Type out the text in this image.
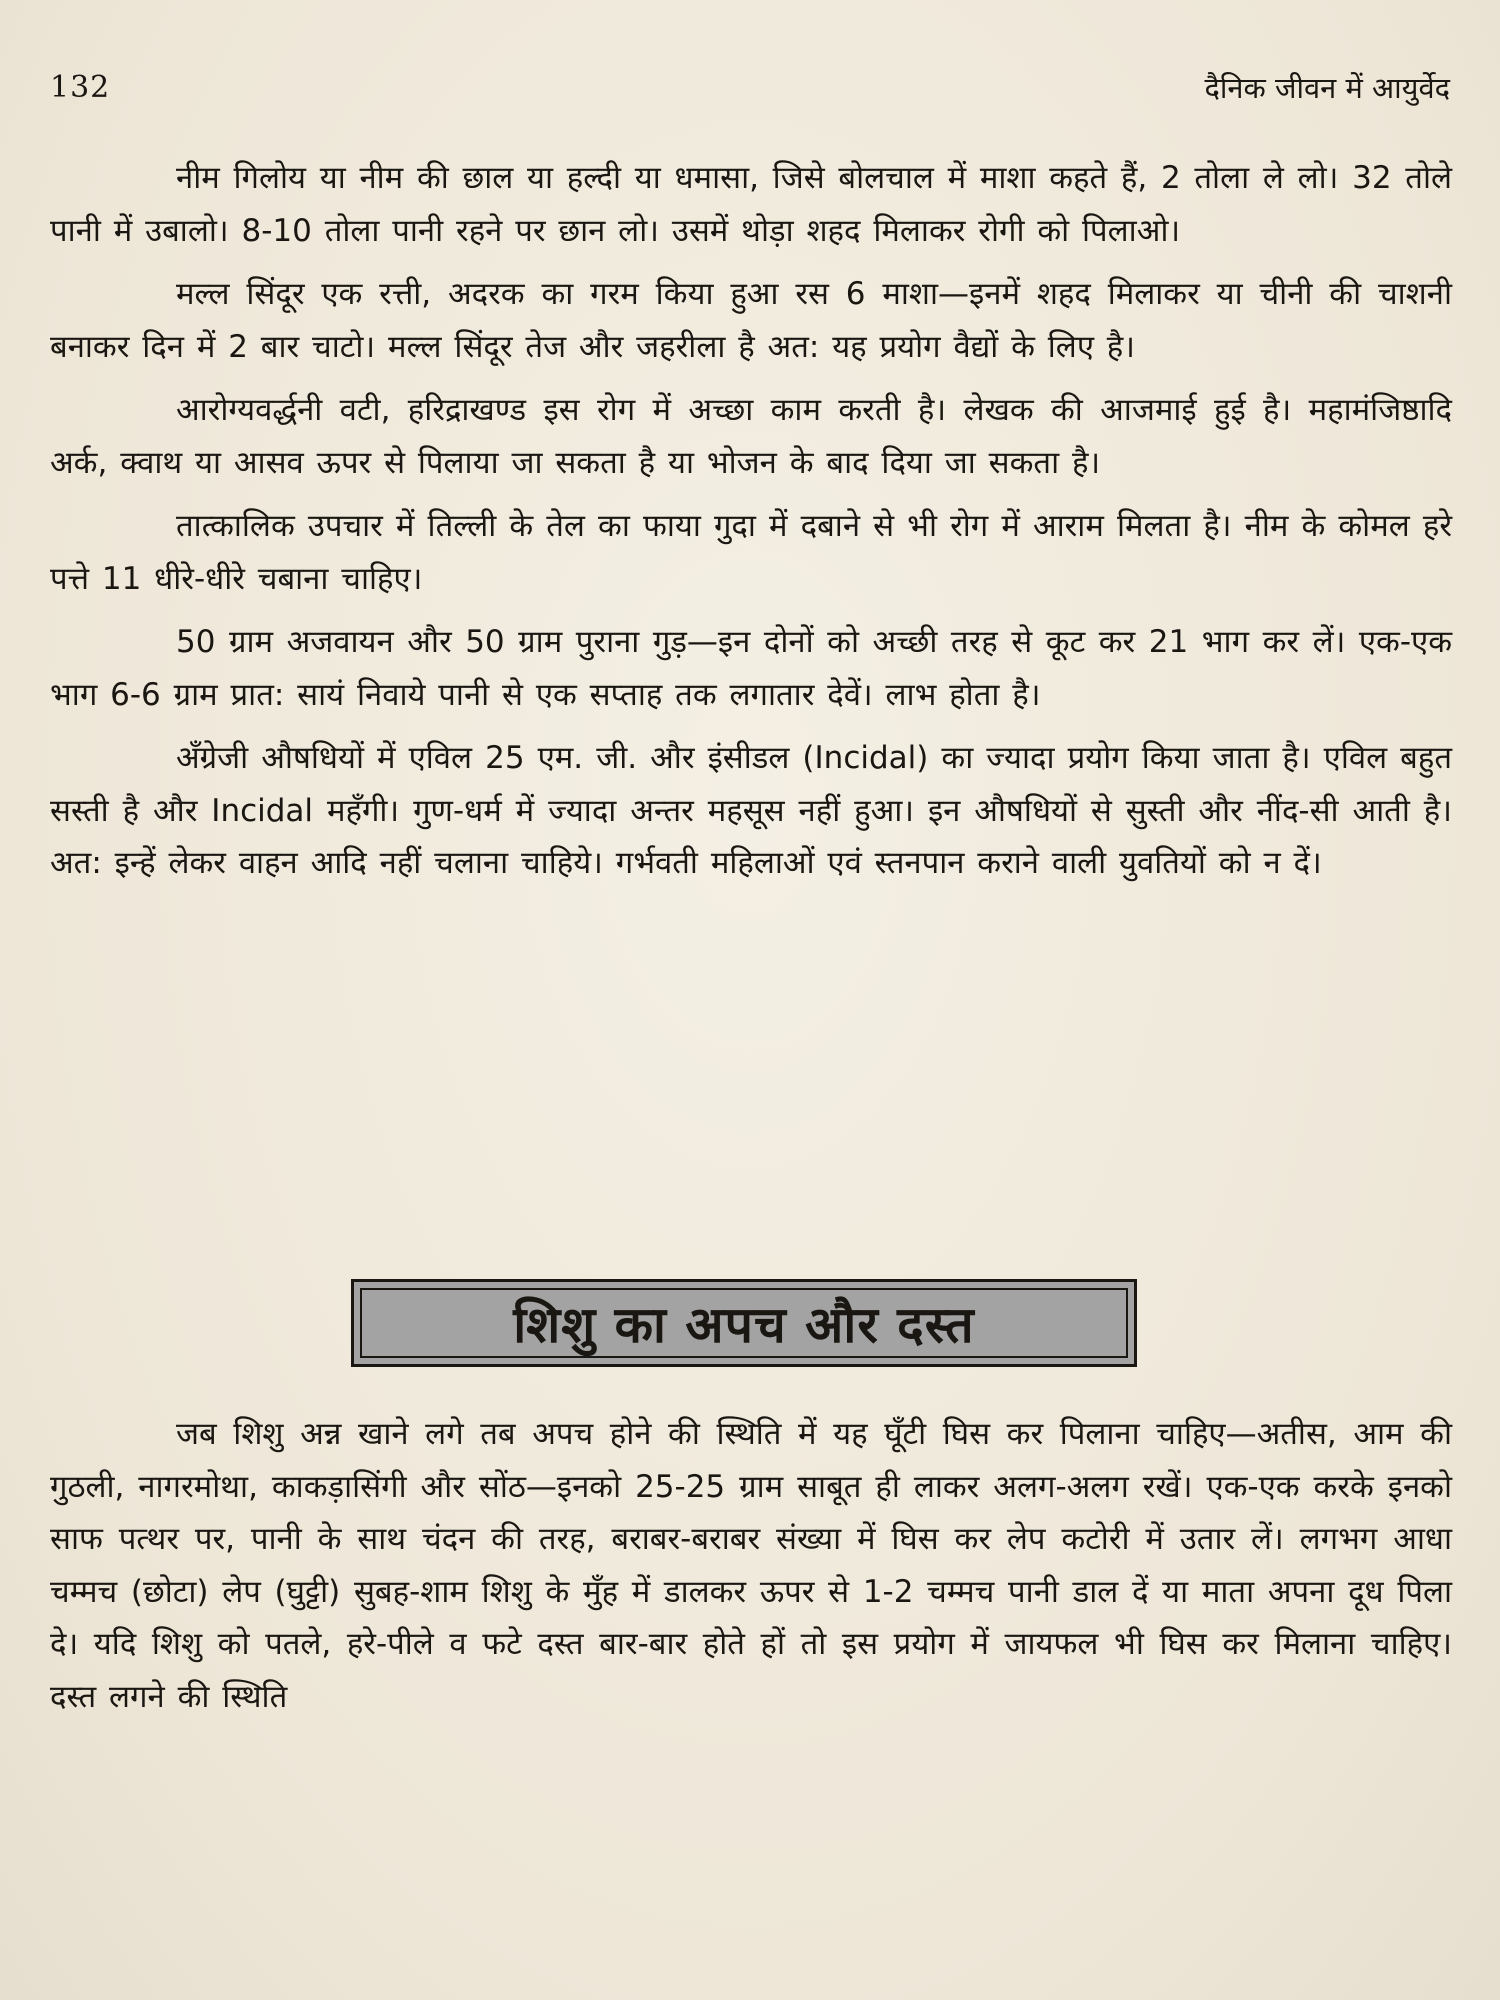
132	दैनिक जीवन में आयुर्वेद

नीम गिलोय या नीम की छाल या हल्दी या धमासा, जिसे बोलचाल में माशा कहते हैं, 2 तोला ले लो। 32 तोले पानी में उबालो। 8-10 तोला पानी रहने पर छान लो। उसमें थोड़ा शहद मिलाकर रोगी को पिलाओ।

मल्ल सिंदूर एक रत्ती, अदरक का गरम किया हुआ रस 6 माशा—इनमें शहद मिलाकर या चीनी की चाशनी बनाकर दिन में 2 बार चाटो। मल्ल सिंदूर तेज और जहरीला है अत: यह प्रयोग वैद्यों के लिए है।

आरोग्यवर्द्धनी वटी, हरिद्राखण्ड इस रोग में अच्छा काम करती है। लेखक की आजमाई हुई है। महामंजिष्ठादि अर्क, क्वाथ या आसव ऊपर से पिलाया जा सकता है या भोजन के बाद दिया जा सकता है।

तात्कालिक उपचार में तिल्ली के तेल का फाया गुदा में दबाने से भी रोग में आराम मिलता है। नीम के कोमल हरे पत्ते 11 धीरे-धीरे चबाना चाहिए।

50 ग्राम अजवायन और 50 ग्राम पुराना गुड़—इन दोनों को अच्छी तरह से कूट कर 21 भाग कर लें। एक-एक भाग 6-6 ग्राम प्रात: सायं निवाये पानी से एक सप्ताह तक लगातार देवें। लाभ होता है।

अँग्रेजी औषधियों में एविल 25 एम. जी. और इंसीडल (Incidal) का ज्यादा प्रयोग किया जाता है। एविल बहुत सस्ती है और Incidal महँगी। गुण-धर्म में ज्यादा अन्तर महसूस नहीं हुआ। इन औषधियों से सुस्ती और नींद-सी आती है। अत: इन्हें लेकर वाहन आदि नहीं चलाना चाहिये। गर्भवती महिलाओं एवं स्तनपान कराने वाली युवतियों को न दें।

शिशु का अपच और दस्त

जब शिशु अन्न खाने लगे तब अपच होने की स्थिति में यह घूँटी घिस कर पिलाना चाहिए—अतीस, आम की गुठली, नागरमोथा, काकड़ासिंगी और सोंठ—इनको 25-25 ग्राम साबूत ही लाकर अलग-अलग रखें। एक-एक करके इनको साफ पत्थर पर, पानी के साथ चंदन की तरह, बराबर-बराबर संख्या में घिस कर लेप कटोरी में उतार लें। लगभग आधा चम्मच (छोटा) लेप (घुट्टी) सुबह-शाम शिशु के मुँह में डालकर ऊपर से 1-2 चम्मच पानी डाल दें या माता अपना दूध पिला दे। यदि शिशु को पतले, हरे-पीले व फटे दस्त बार-बार होते हों तो इस प्रयोग में जायफल भी घिस कर मिलाना चाहिए। दस्त लगने की स्थिति
